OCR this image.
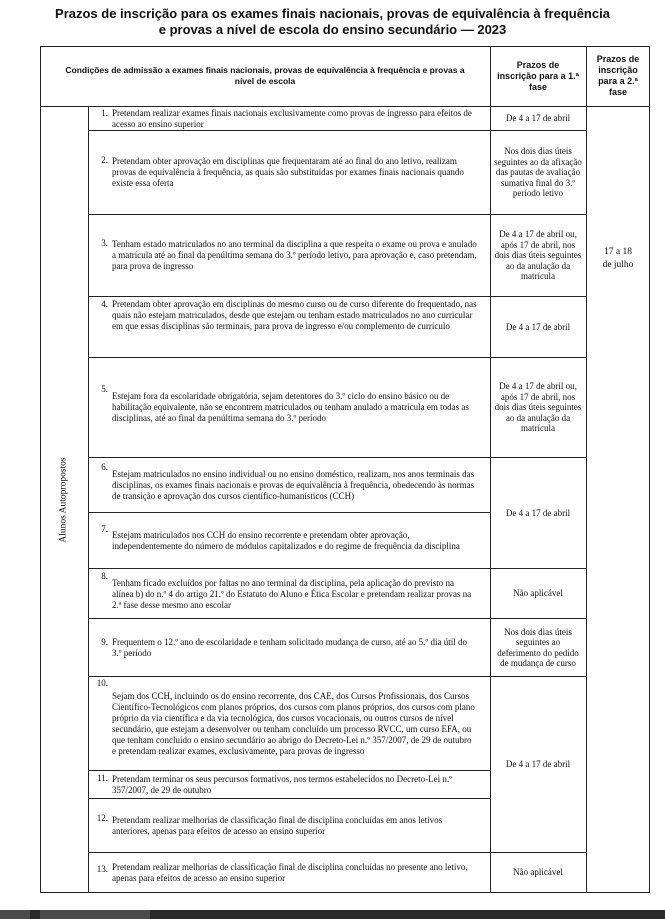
Prazos de inscrição para os exames finais nacionais, provas de equivalência à frequência
e provas a nível de escola do ensino secundário — 2023
Condições de admissão a exames finais nacionais, provas de equivalência à frequência e provas a nível de escola
Prazos de inscrição para a 1.ª fase
Prazos de inscrição para a 2.ª fase
Alunos Autopropostos
1. Pretendam realizar exames finais nacionais exclusivamente como provas de ingresso para efeitos de acesso ao ensino superior
2. Pretendam obter aprovação em disciplinas que frequentaram até ao final do ano letivo, realizam provas de equivalência à frequência, as quais são substituídas por exames finais nacionais quando existe essa oferta
3. Tenham estado matriculados no ano terminal da disciplina a que respeita o exame ou prova e anulado a matrícula até ao final da penúltima semana do 3.º período letivo, para aprovação e, caso pretendam, para prova de ingresso
4. Pretendam obter aprovação em disciplinas do mesmo curso ou de curso diferente do frequentado, nas quais não estejam matriculados, desde que estejam ou tenham estado matriculados no ano curricular em que essas disciplinas são terminais, para prova de ingresso e/ou complemento de currículo
5.
Estejam fora da escolaridade obrigatória, sejam detentores do 3.º ciclo do ensino básico ou de habilitação equivalente, não se encontrem matriculados ou tenham anulado a matrícula em todas as disciplinas, até ao final da penúltima semana do 3.º período
6.
Estejam matriculados no ensino individual ou no ensino doméstico, realizam, nos anos terminais das disciplinas, os exames finais nacionais e provas de equivalência à frequência, obedecendo às normas de transição e aprovação dos cursos científico-humanísticos (CCH)
7.
Estejam matriculados nos CCH do ensino recorrente e pretendam obter aprovação, independentemente do número de módulos capitalizados e do regime de frequência da disciplina
8.
Tenham ficado excluídos por faltas no ano terminal da disciplina, pela aplicação do previsto na alínea b) do n.º 4 do artigo 21.º do Estatuto do Aluno e Ética Escolar e pretendam realizar provas na 2.ª fase desse mesmo ano escolar
9. Frequentem o 12.º ano de escolaridade e tenham solicitado mudança de curso, até ao 5.º dia útil do 3.º período
10.
Sejam dos CCH, incluindo os do ensino recorrente, dos CAE, dos Cursos Profissionais, dos Cursos Científico-Tecnológicos com planos próprios, dos cursos com planos próprios, dos cursos com plano próprio da via científica e da via tecnológica, dos cursos vocacionais, ou outros cursos de nível secundário, que estejam a desenvolver ou tenham concluído um processo RVCC, um curso EFA, ou que tenham concluído o ensino secundário ao abrigo do Decreto-Lei n.º 357/2007, de 29 de outubro e pretendam realizar exames, exclusivamente, para provas de ingresso
11. Pretendam terminar os seus percursos formativos, nos termos estabelecidos no Decreto-Lei n.º 357/2007, de 29 de outubro
12. Pretendam realizar melhorias de classificação final de disciplina concluídas em anos letivos anteriores, apenas para efeitos de acesso ao ensino superior
13. Pretendam realizar melhorias de classificação final de disciplina concluídas no presente ano letivo, apenas para efeitos de acesso ao ensino superior
De 4 a 17 de abril
Nos dois dias úteis seguintes ao da afixação das pautas de avaliação sumativa final do 3.º período letivo
De 4 a 17 de abril ou, após 17 de abril, nos dois dias úteis seguintes ao da anulação da matrícula
De 4 a 17 de abril
De 4 a 17 de abril ou, após 17 de abril, nos dois dias úteis seguintes ao da anulação da matrícula
De 4 a 17 de abril
Não aplicável
Nos dois dias úteis seguintes ao deferimento do pedido de mudança de curso
De 4 a 17 de abril
Não aplicável
17 a 18
de julho
